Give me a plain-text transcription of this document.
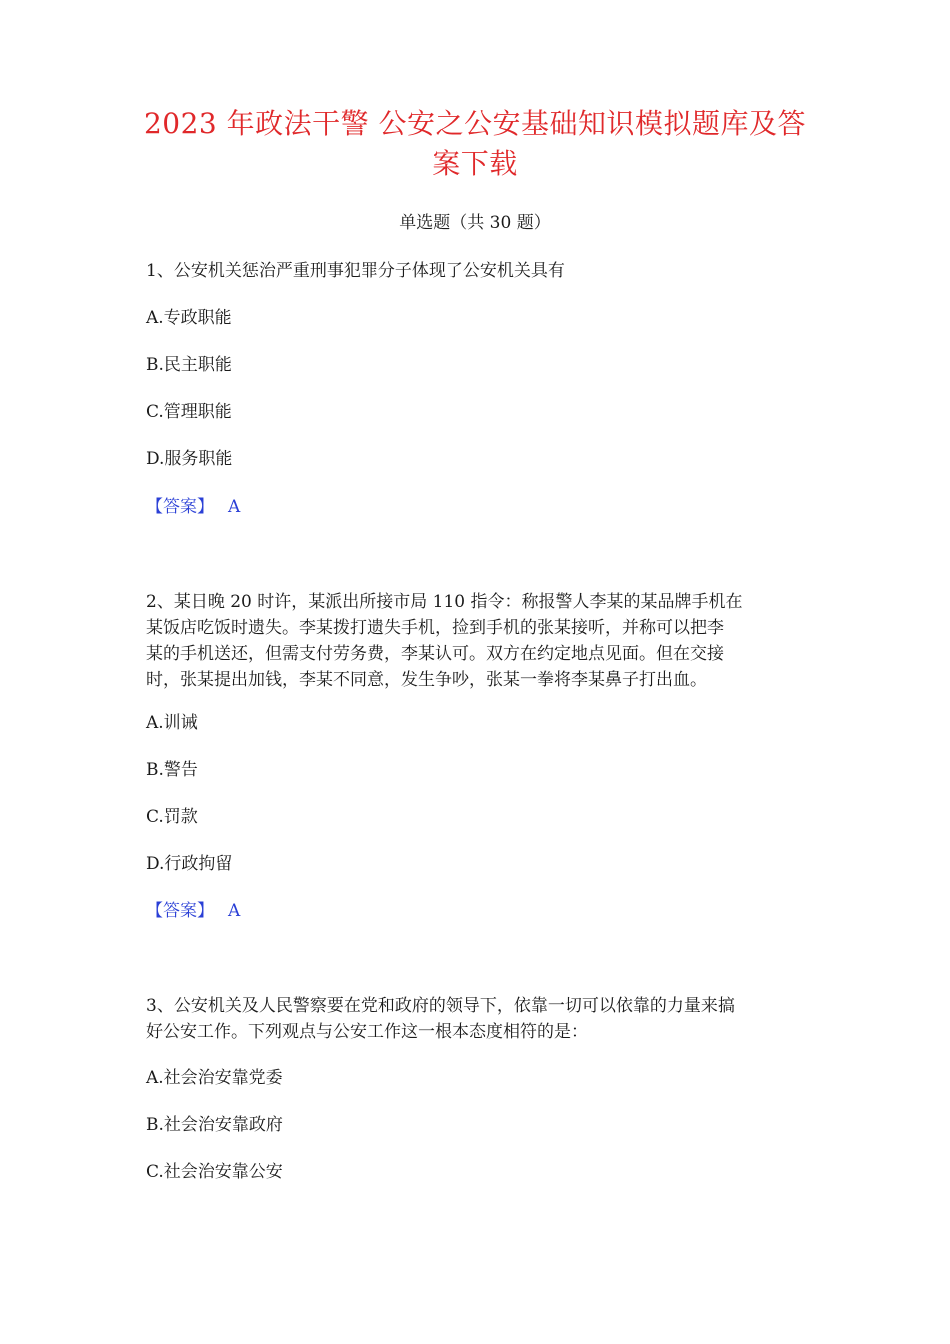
2023 年政法干警 公安之公安基础知识模拟题库及答
案下载
单选题（共 30 题）
1、公安机关惩治严重刑事犯罪分子体现了公安机关具有
A.专政职能
B.民主职能
C.管理职能
D.服务职能
【答案】 A
2、某日晚 20 时许，某派出所接市局 110 指令：称报警人李某的某品牌手机在
某饭店吃饭时遗失。李某拨打遗失手机，捡到手机的张某接听，并称可以把李
某的手机送还，但需支付劳务费，李某认可。双方在约定地点见面。但在交接
时，张某提出加钱，李某不同意，发生争吵，张某一拳将李某鼻子打出血。
A.训诫
B.警告
C.罚款
D.行政拘留
【答案】 A
3、公安机关及人民警察要在党和政府的领导下，依靠一切可以依靠的力量来搞
好公安工作。下列观点与公安工作这一根本态度相符的是：
A.社会治安靠党委
B.社会治安靠政府
C.社会治安靠公安
